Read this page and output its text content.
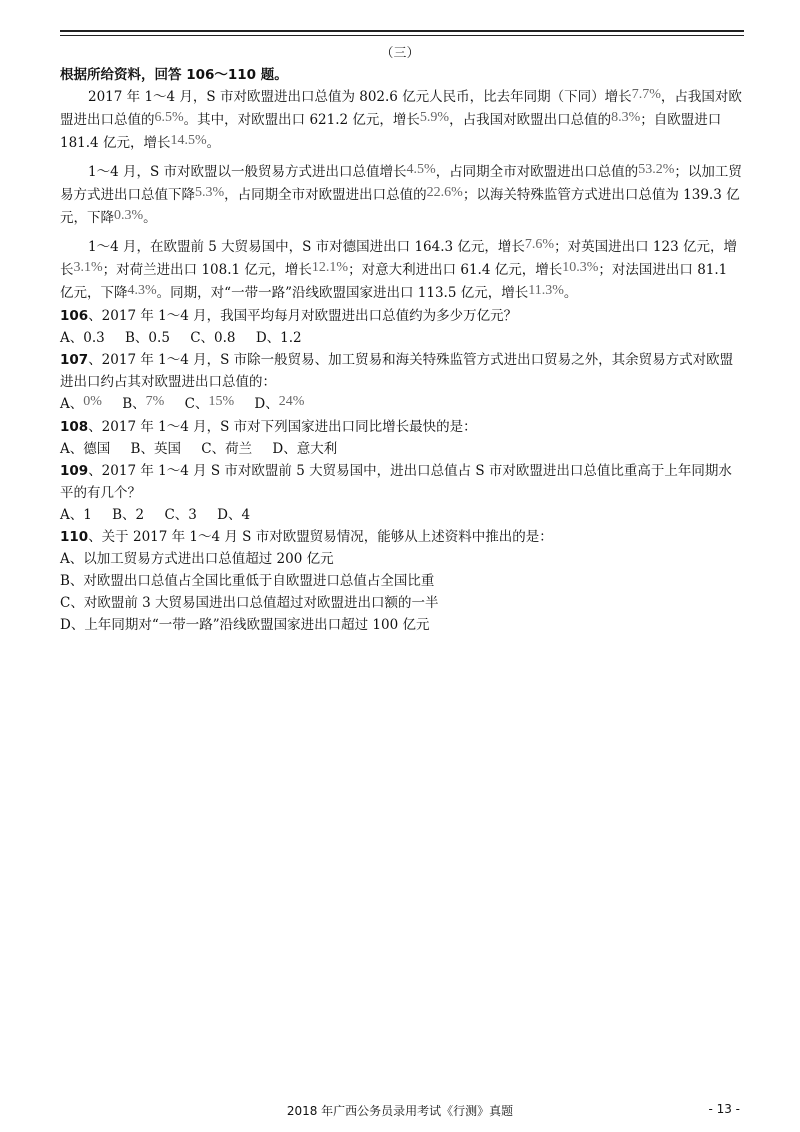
（三）
根据所给资料，回答 106～110 题。

2017 年 1～4 月，S 市对欧盟进出口总值为 802.6 亿元人民币，比去年同期（下同）增长7.7%，占我国对欧盟进出口总值的6.5%。其中，对欧盟出口 621.2 亿元，增长5.9%，占我国对欧盟出口总值的8.3%；自欧盟进口 181.4 亿元，增长14.5%。

1～4 月，S 市对欧盟以一般贸易方式进出口总值增长4.5%，占同期全市对欧盟进出口总值的53.2%；以加工贸易方式进出口总值下降5.3%，占同期全市对欧盟进出口总值的22.6%；以海关特殊监管方式进出口总值为 139.3 亿元，下降0.3%。

1～4 月，在欧盟前 5 大贸易国中，S 市对德国进出口 164.3 亿元，增长7.6%；对英国进出口 123 亿元，增长3.1%；对荷兰进出口 108.1 亿元，增长12.1%；对意大利进出口 61.4 亿元，增长10.3%；对法国进出口 81.1 亿元，下降4.3%。同期，对“一带一路”沿线欧盟国家进出口 113.5 亿元，增长11.3%。

106、2017 年 1～4 月，我国平均每月对欧盟进出口总值约为多少万亿元？

A、0.3 B、0.5 C、0.8 D、1.2

107、2017 年 1～4 月，S 市除一般贸易、加工贸易和海关特殊监管方式进出口贸易之外，其余贸易方式对欧盟进出口约占其对欧盟进出口总值的：

A、0% B、7% C、15% D、24%

108、2017 年 1～4 月，S 市对下列国家进出口同比增长最快的是：

A、德国 B、英国 C、荷兰 D、意大利

109、2017 年 1～4 月 S 市对欧盟前 5 大贸易国中，进出口总值占 S 市对欧盟进出口总值比重高于上年同期水平的有几个？

A、1 B、2 C、3 D、4

110、关于 2017 年 1～4 月 S 市对欧盟贸易情况，能够从上述资料中推出的是：

A、以加工贸易方式进出口总值超过 200 亿元
B、对欧盟出口总值占全国比重低于自欧盟进口总值占全国比重
C、对欧盟前 3 大贸易国进出口总值超过对欧盟进出口额的一半
D、上年同期对“一带一路”沿线欧盟国家进出口超过 100 亿元
2018 年广西公务员录用考试《行测》真题	- 13 -
